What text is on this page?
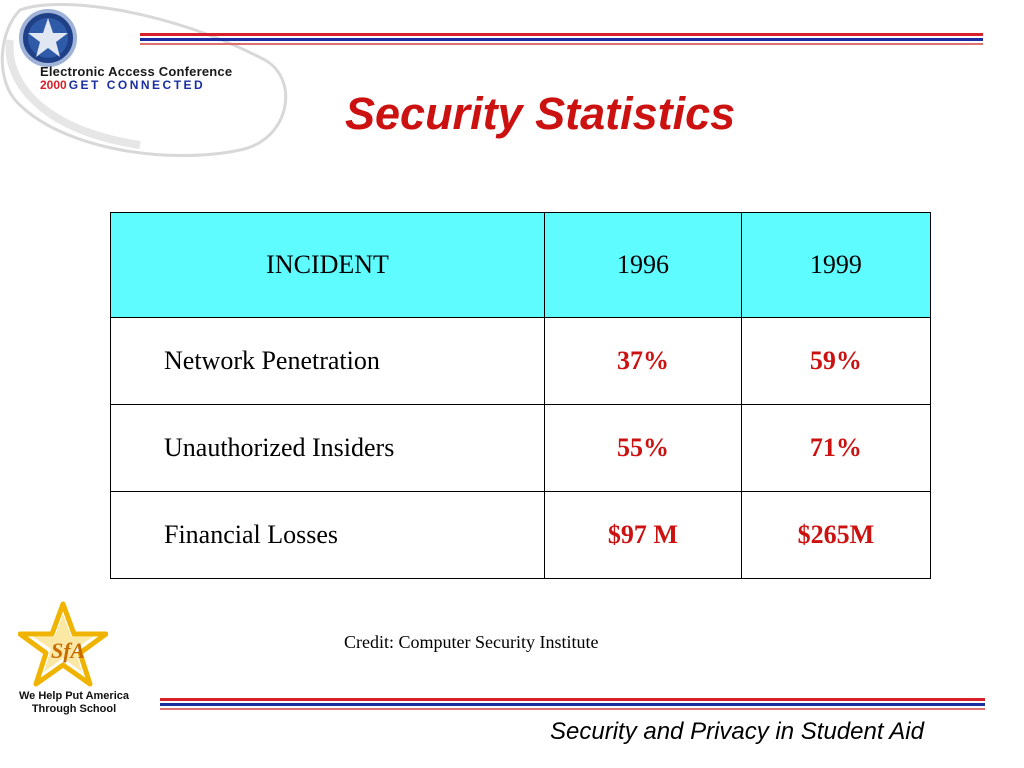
Electronic Access Conference
2000 GET CONNECTED
Security Statistics
INCIDENT	1996	1999
Network Penetration	37%	59%
Unauthorized Insiders	55%	71%
Financial Losses	$97 M	$265M
Credit: Computer Security Institute
SfA
We Help Put America
Through School
Security and Privacy in Student Aid
